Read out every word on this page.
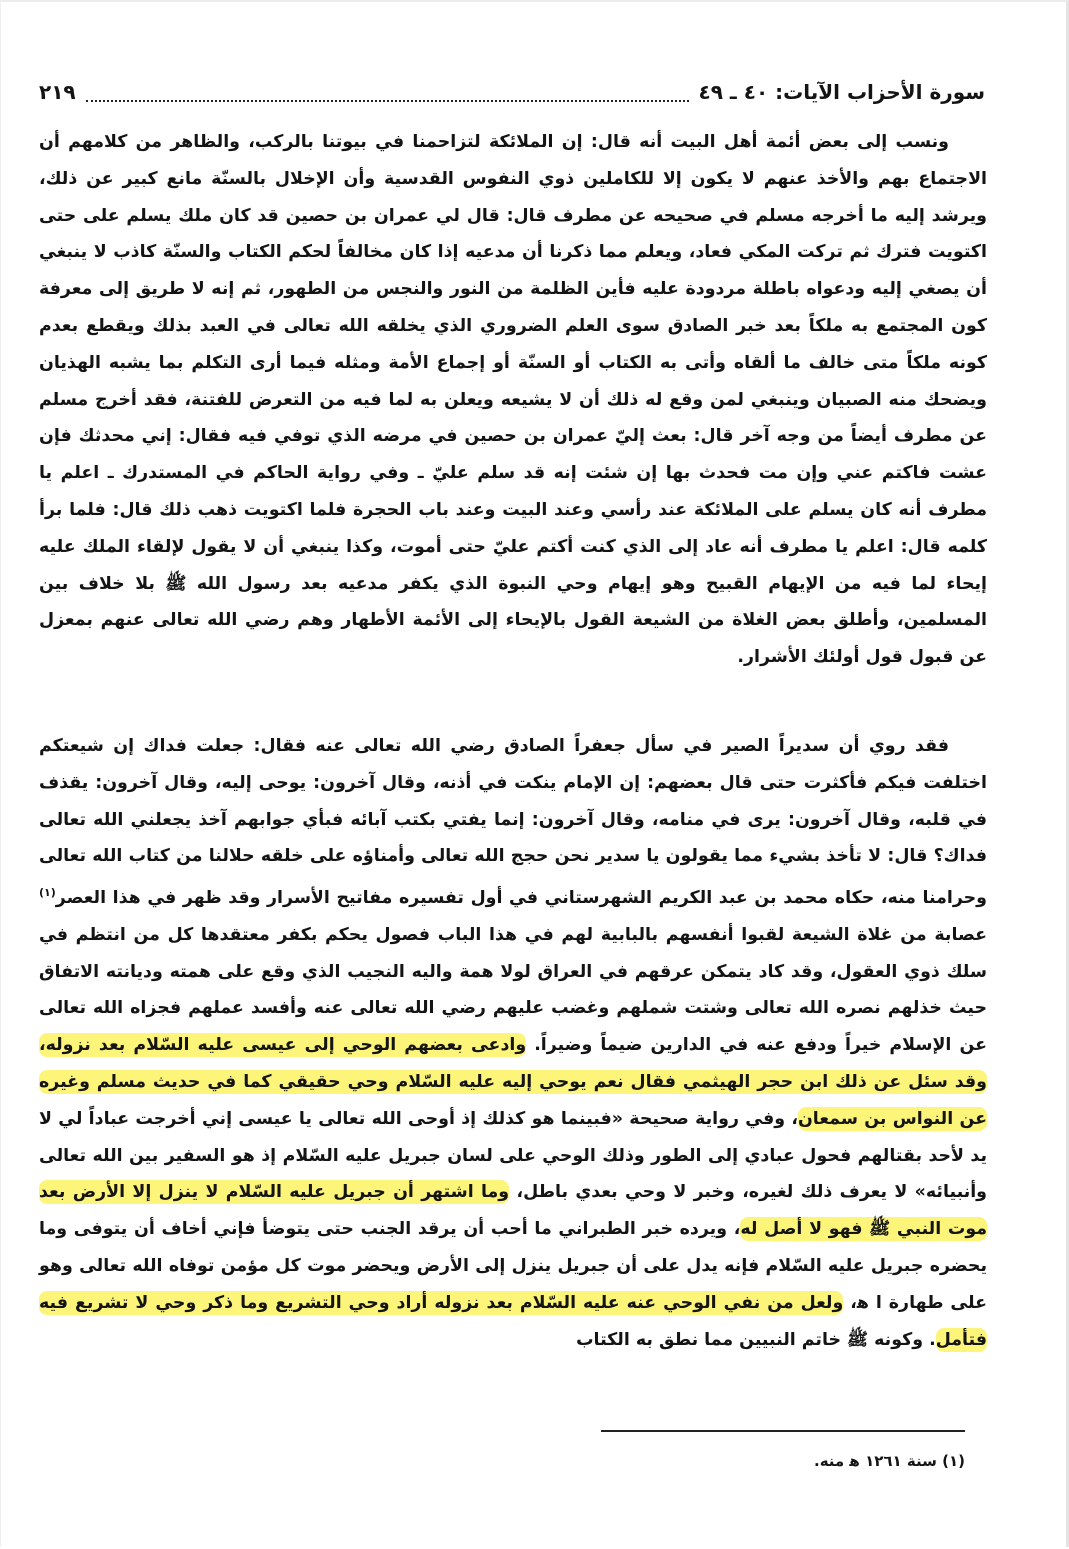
سورة الأحزاب الآيات: ٤٠ ـ ٤٩
٢١٩

ونسب إلى بعض أئمة أهل البيت أنه قال: إن الملائكة لتزاحمنا في بيوتنا بالركب، والظاهر من كلامهم أن الاجتماع بهم والأخذ عنهم لا يكون إلا للكاملين ذوي النفوس القدسية وأن الإخلال بالسنّة مانع كبير عن ذلك، ويرشد إليه ما أخرجه مسلم في صحيحه عن مطرف قال: قال لي عمران بن حصين قد كان ملك يسلم على حتى اكتويت فترك ثم تركت المكي فعاد، ويعلم مما ذكرنا أن مدعيه إذا كان مخالفاً لحكم الكتاب والسنّة كاذب لا ينبغي أن يصغي إليه ودعواه باطلة مردودة عليه فأين الظلمة من النور والنجس من الطهور، ثم إنه لا طريق إلى معرفة كون المجتمع به ملكاً بعد خبر الصادق سوى العلم الضروري الذي يخلقه الله تعالى في العبد بذلك ويقطع بعدم كونه ملكاً متى خالف ما ألقاه وأتى به الكتاب أو السنّة أو إجماع الأمة ومثله فيما أرى التكلم بما يشبه الهذيان ويضحك منه الصبيان وينبغي لمن وقع له ذلك أن لا يشيعه ويعلن به لما فيه من التعرض للفتنة، فقد أخرج مسلم عن مطرف أيضاً من وجه آخر قال: بعث إليّ عمران بن حصين في مرضه الذي توفي فيه فقال: إني محدثك فإن عشت فاكتم عني وإن مت فحدث بها إن شئت إنه قد سلم عليّ ـ وفي رواية الحاكم في المستدرك ـ اعلم يا مطرف أنه كان يسلم على الملائكة عند رأسي وعند البيت وعند باب الحجرة فلما اكتويت ذهب ذلك قال: فلما برأ كلمه قال: اعلم يا مطرف أنه عاد إلى الذي كنت أكتم عليّ حتى أموت، وكذا ينبغي أن لا يقول لإلقاء الملك عليه إيحاء لما فيه من الإيهام القبيح وهو إيهام وحي النبوة الذي يكفر مدعيه بعد رسول الله ﷺ بلا خلاف بين المسلمين، وأطلق بعض الغلاة من الشيعة القول بالإيحاء إلى الأئمة الأطهار وهم رضي الله تعالى عنهم بمعزل عن قبول قول أولئك الأشرار.

فقد روي أن سديراً الصير في سأل جعفراً الصادق رضي الله تعالى عنه فقال: جعلت فداك إن شيعتكم اختلفت فيكم فأكثرت حتى قال بعضهم: إن الإمام ينكت في أذنه، وقال آخرون: يوحى إليه، وقال آخرون: يقذف في قلبه، وقال آخرون: يرى في منامه، وقال آخرون: إنما يفتي بكتب آبائه فبأي جوابهم آخذ يجعلني الله تعالى فداك؟ قال: لا تأخذ بشيء مما يقولون يا سدير نحن حجج الله تعالى وأمناؤه على خلقه حلالنا من كتاب الله تعالى وحرامنا منه، حكاه محمد بن عبد الكريم الشهرستاني في أول تفسيره مفاتيح الأسرار وقد ظهر في هذا العصر$^{(١)}$ عصابة من غلاة الشيعة لقبوا أنفسهم بالبابية لهم في هذا الباب فصول يحكم بكفر معتقدها كل من انتظم في سلك ذوي العقول، وقد كاد يتمكن عرقهم في العراق لولا همة واليه النجيب الذي وقع على همته وديانته الاتفاق حيث خذلهم نصره الله تعالى وشتت شملهم وغضب عليهم رضي الله تعالى عنه وأفسد عملهم فجزاه الله تعالى عن الإسلام خيراً ودفع عنه في الدارين ضيماً وضيراً. وادعى بعضهم الوحي إلى عيسى عليه السّلام بعد نزوله، وقد سئل عن ذلك ابن حجر الهيثمي فقال نعم يوحي إليه عليه السّلام وحي حقيقي كما في حديث مسلم وغيره عن النواس بن سمعان، وفي رواية صحيحة «فبينما هو كذلك إذ أوحى الله تعالى يا عيسى إني أخرجت عباداً لي لا يد لأحد بقتالهم فحول عبادي إلى الطور وذلك الوحي على لسان جبريل عليه السّلام إذ هو السفير بين الله تعالى وأنبيائه» لا يعرف ذلك لغيره، وخبر لا وحي بعدي باطل، وما اشتهر أن جبريل عليه السّلام لا ينزل إلا الأرض بعد موت النبي ﷺ فهو لا أصل له، ويرده خبر الطبراني ما أحب أن يرقد الجنب حتى يتوضأ فإني أخاف أن يتوفى وما يحضره جبريل عليه السّلام فإنه يدل على أن جبريل ينزل إلى الأرض ويحضر موت كل مؤمن توفاه الله تعالى وهو على طهارة ا ﻫ، ولعل من نفي الوحي عنه عليه السّلام بعد نزوله أراد وحي التشريع وما ذكر وحي لا تشريع فيه فتأمل. وكونه ﷺ خاتم النبيين مما نطق به الكتاب

(١) سنة ١٢٦١ ﻫ منه.
